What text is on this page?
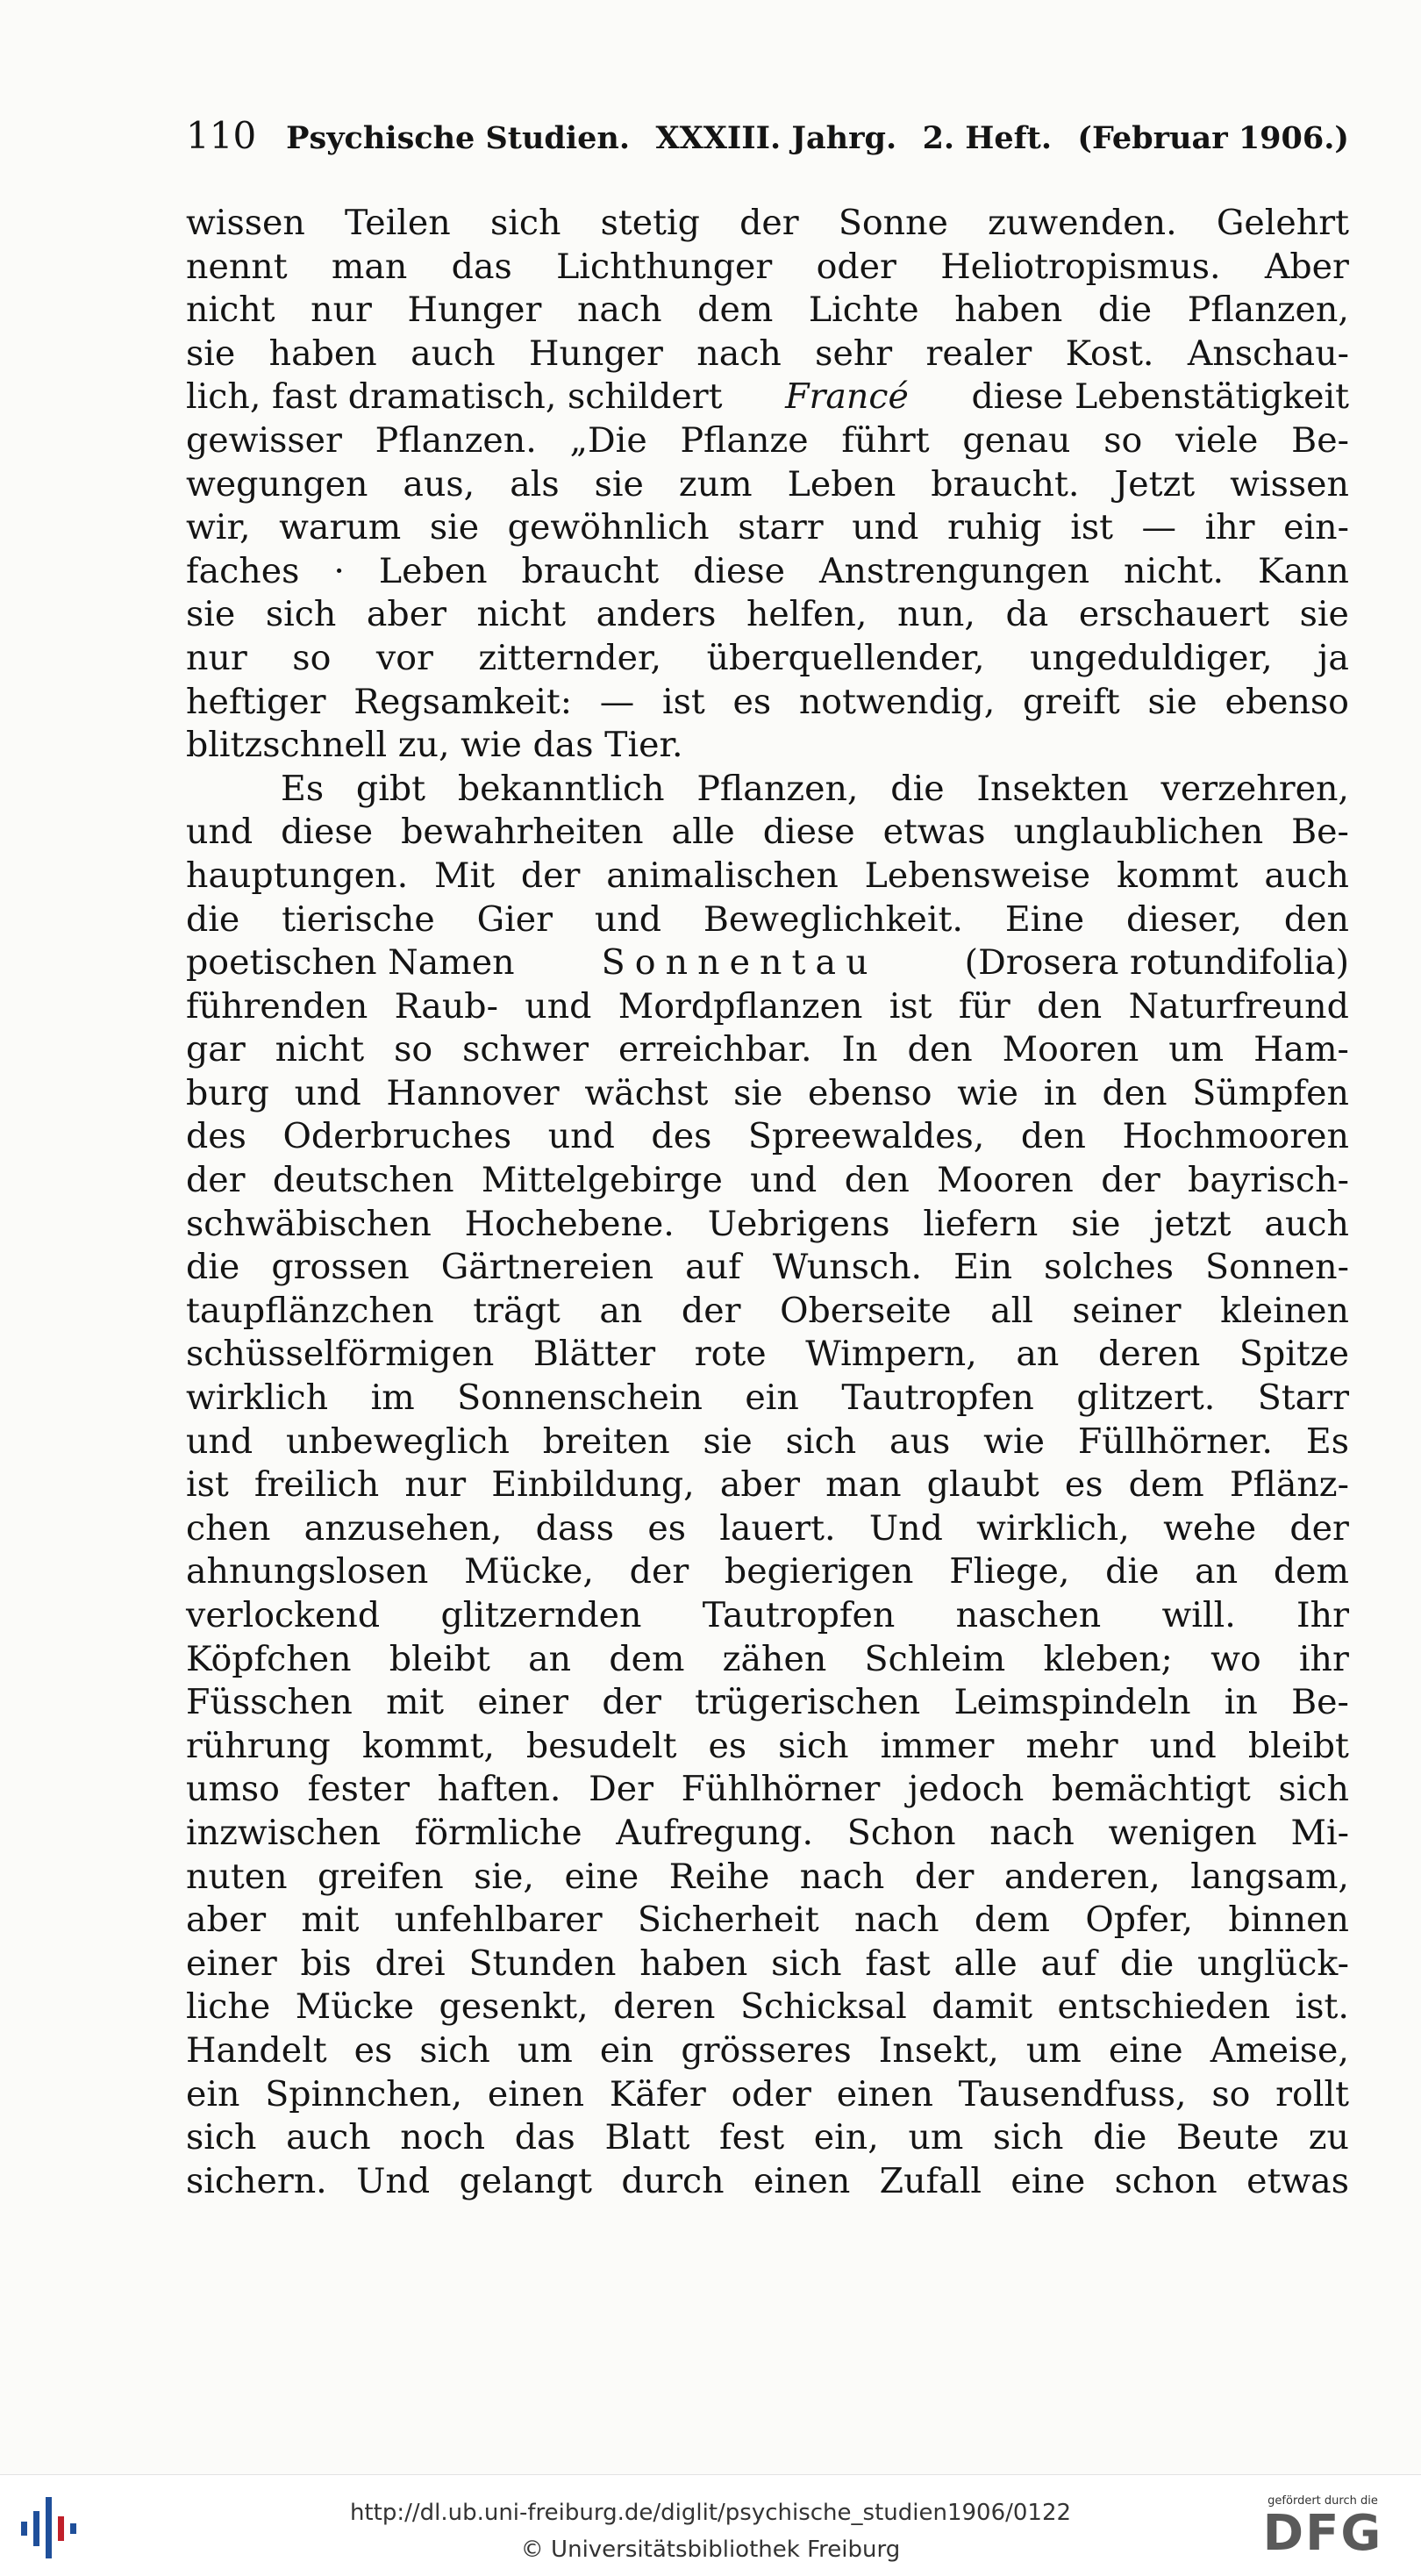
110 Psychische Studien. XXXIII. Jahrg. 2. Heft. (Februar 1906.)
wissen Teilen sich stetig der Sonne zuwenden. Gelehrt
nennt man das Lichthunger oder Heliotropismus. Aber
nicht nur Hunger nach dem Lichte haben die Pflanzen,
sie haben auch Hunger nach sehr realer Kost. Anschau-
lich, fast dramatisch, schildert Francé diese Lebenstätigkeit
gewisser Pflanzen. „Die Pflanze führt genau so viele Be-
wegungen aus, als sie zum Leben braucht. Jetzt wissen
wir, warum sie gewöhnlich starr und ruhig ist — ihr ein-
faches · Leben braucht diese Anstrengungen nicht. Kann
sie sich aber nicht anders helfen, nun, da erschauert sie
nur so vor zitternder, überquellender, ungeduldiger, ja
heftiger Regsamkeit: — ist es notwendig, greift sie ebenso
blitzschnell zu, wie das Tier.
Es gibt bekanntlich Pflanzen, die Insekten verzehren,
und diese bewahrheiten alle diese etwas unglaublichen Be-
hauptungen. Mit der animalischen Lebensweise kommt auch
die tierische Gier und Beweglichkeit. Eine dieser, den
poetischen Namen	Sonnentau	(Drosera rotundifolia)
führenden Raub- und Mordpflanzen ist für den Naturfreund
gar nicht so schwer erreichbar. In den Mooren um Ham-
burg und Hannover wächst sie ebenso wie in den Sümpfen
des Oderbruches und des Spreewaldes, den Hochmooren
der deutschen Mittelgebirge und den Mooren der bayrisch-
schwäbischen Hochebene. Uebrigens liefern sie jetzt auch
die grossen Gärtnereien auf Wunsch. Ein solches Sonnen-
taupflänzchen trägt an der Oberseite all seiner kleinen
schüsselförmigen Blätter rote Wimpern, an deren Spitze
wirklich im Sonnenschein ein Tautropfen glitzert. Starr
und unbeweglich breiten sie sich aus wie Füllhörner. Es
ist freilich nur Einbildung, aber man glaubt es dem Pflänz-
chen anzusehen, dass es lauert. Und wirklich, wehe der
ahnungslosen Mücke, der begierigen Fliege, die an dem
verlockend glitzernden Tautropfen naschen will. Ihr
Köpfchen bleibt an dem zähen Schleim kleben; wo ihr
Füsschen mit einer der trügerischen Leimspindeln in Be-
rührung kommt, besudelt es sich immer mehr und bleibt
umso fester haften. Der Fühlhörner jedoch bemächtigt sich
inzwischen förmliche Aufregung. Schon nach wenigen Mi-
nuten greifen sie, eine Reihe nach der anderen, langsam,
aber mit unfehlbarer Sicherheit nach dem Opfer, binnen
einer bis drei Stunden haben sich fast alle auf die unglück-
liche Mücke gesenkt, deren Schicksal damit entschieden ist.
Handelt es sich um ein grösseres Insekt, um eine Ameise,
ein Spinnchen, einen Käfer oder einen Tausendfuss, so rollt
sich auch noch das Blatt fest ein, um sich die Beute zu
sichern. Und gelangt durch einen Zufall eine schon etwas
http://dl.ub.uni-freiburg.de/diglit/psychische_studien1906/0122
© Universitätsbibliothek Freiburg
gefördert durch die
DFG
